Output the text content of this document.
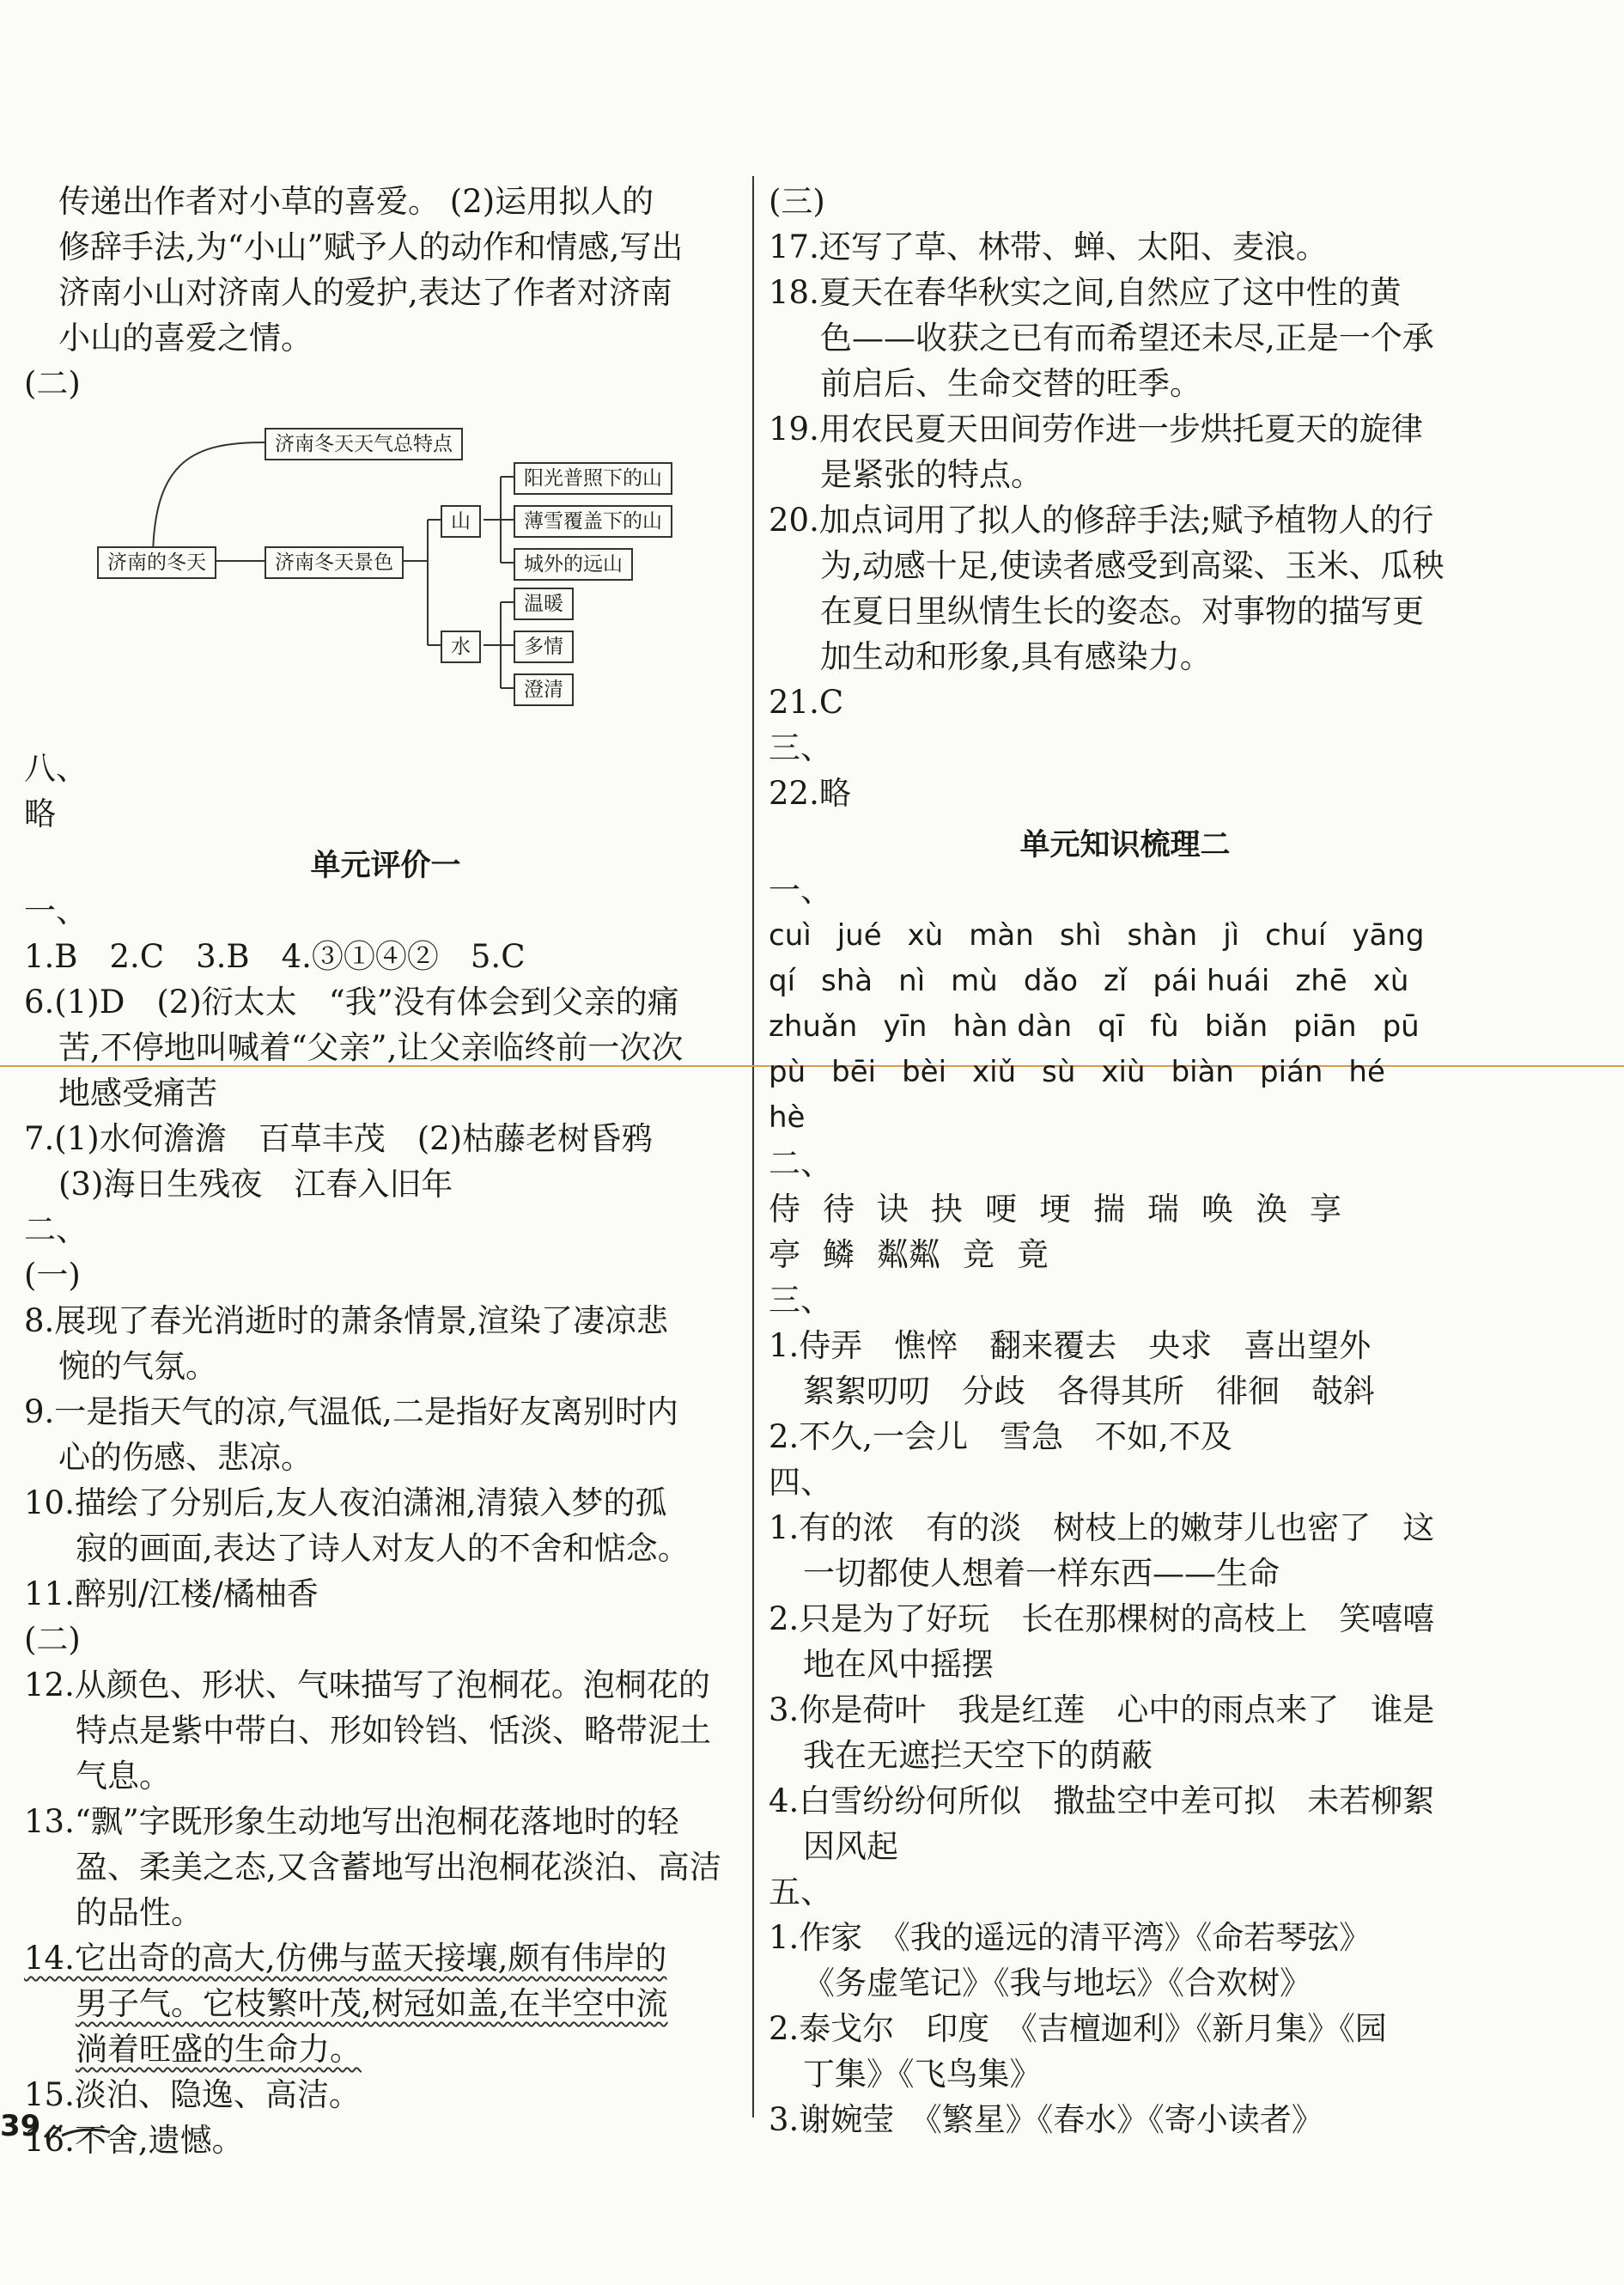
传递出作者对小草的喜爱。 (2)运用拟人的
修辞手法,为“小山”赋予人的动作和情感,写出
济南小山对济南人的爱护,表达了作者对济南
小山的喜爱之情。
(二)
济南的冬天
济南冬天天气总特点
济南冬天景色
山
水
阳光普照下的山
薄雪覆盖下的山
城外的远山
温暖
多情
澄清
八、
略
单元评价一
一、
1.B　2.C　3.B　4.③①④②　5.C
6.(1)D　(2)衍太太　“我”没有体会到父亲的痛
苦,不停地叫喊着“父亲”,让父亲临终前一次次
地感受痛苦
7.(1)水何澹澹　百草丰茂　(2)枯藤老树昏鸦
(3)海日生残夜　江春入旧年
二、
(一)
8.展现了春光消逝时的萧条情景,渲染了凄凉悲
惋的气氛。
9.一是指天气的凉,气温低,二是指好友离别时内
心的伤感、悲凉。
10.描绘了分别后,友人夜泊潇湘,清猿入梦的孤
寂的画面,表达了诗人对友人的不舍和惦念。
11.醉别/江楼/橘柚香
(二)
12.从颜色、形状、气味描写了泡桐花。泡桐花的
特点是紫中带白、形如铃铛、恬淡、略带泥土
气息。
13.“飘”字既形象生动地写出泡桐花落地时的轻
盈、柔美之态,又含蓄地写出泡桐花淡泊、高洁
的品性。
14.它出奇的高大,仿佛与蓝天接壤,颇有伟岸的
男子气。它枝繁叶茂,树冠如盖,在半空中流
淌着旺盛的生命力。
15.淡泊、隐逸、高洁。
16.不舍,遗憾。
(三)
17.还写了草、林带、蝉、太阳、麦浪。
18.夏天在春华秋实之间,自然应了这中性的黄
色——收获之已有而希望还未尽,正是一个承
前启后、生命交替的旺季。
19.用农民夏天田间劳作进一步烘托夏天的旋律
是紧张的特点。
20.加点词用了拟人的修辞手法;赋予植物人的行
为,动感十足,使读者感受到高粱、玉米、瓜秧
在夏日里纵情生长的姿态。对事物的描写更
加生动和形象,具有感染力。
21.C
三、
22.略
单元知识梳理二
一、
cuì jué xù màn shì shàn jì chuí yāng
qí shà nì mù dǎo zǐ pái huái zhē xù
zhuǎn yīn hàn dàn qī fù biǎn piān pū
pù bēi bèi xiǔ sù xiù biàn pián hé
hè
二、
侍 待 诀 抉 哽 埂 揣 瑞 唤 涣 享
亭 鳞 粼粼 竞 竟
三、
1.侍弄　憔悴　翻来覆去　央求　喜出望外
絮絮叨叨　分歧　各得其所　徘徊　攲斜
2.不久,一会儿　雪急　不如,不及
四、
1.有的浓　有的淡　树枝上的嫩芽儿也密了　这
一切都使人想着一样东西——生命
2.只是为了好玩　长在那棵树的高枝上　笑嘻嘻
地在风中摇摆
3.你是荷叶　我是红莲　心中的雨点来了　谁是
我在无遮拦天空下的荫蔽
4.白雪纷纷何所似　撒盐空中差可拟　未若柳絮
因风起
五、
1.作家　《我的遥远的清平湾》《命若琴弦》
《务虚笔记》《我与地坛》《合欢树》
2.泰戈尔　印度　《吉檀迦利》《新月集》《园
丁集》《飞鸟集》
3.谢婉莹　《繁星》《春水》《寄小读者》
39
